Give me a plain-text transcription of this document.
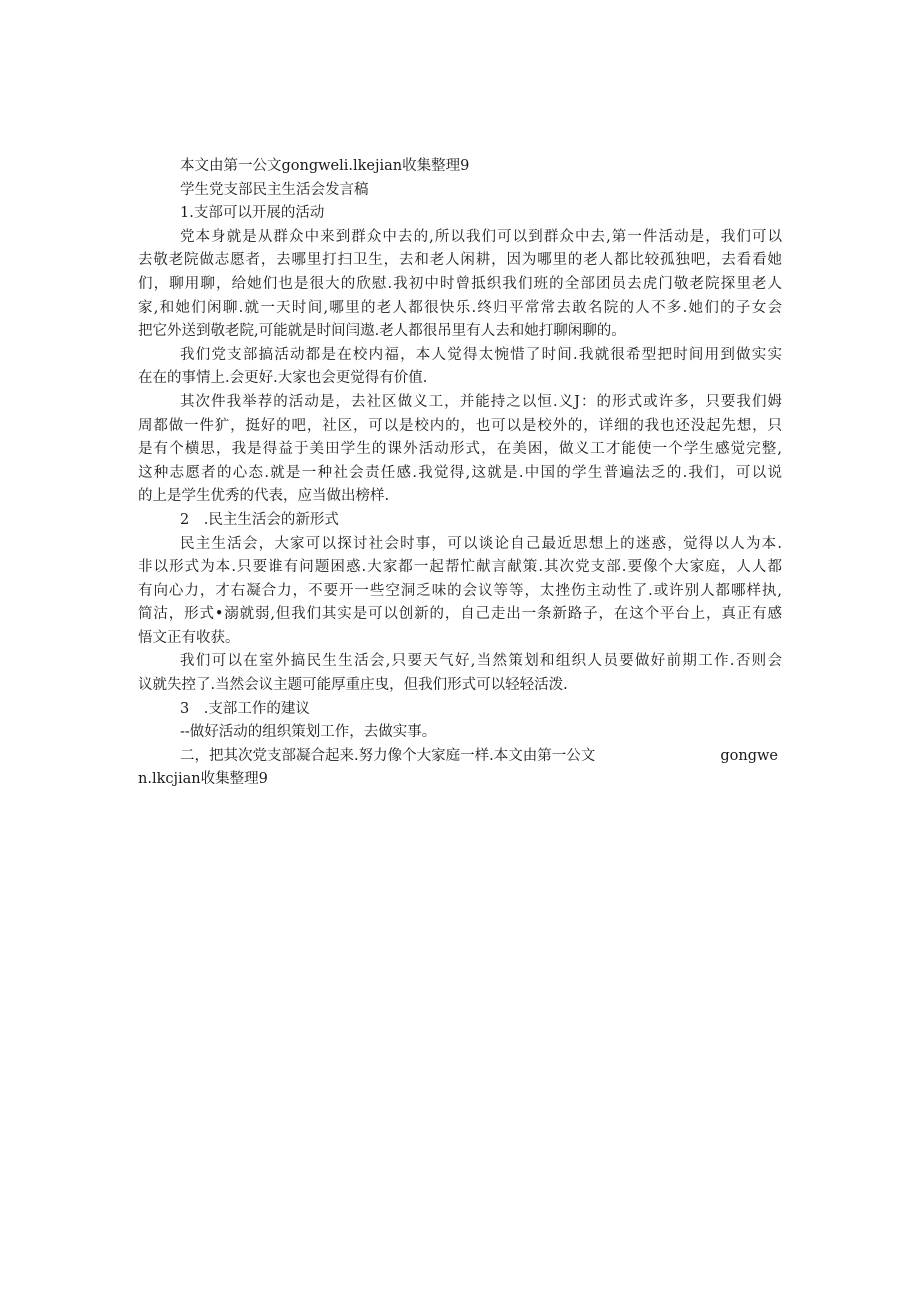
本文由第一公文gongweli.lkejian收集整理9
学生党支部民主生活会发言稿
1.支部可以开展的活动
党本身就是从群众中来到群众中去的,所以我们可以到群众中去,第一件活动是，我们可以
去敬老院做志愿者，去哪里打扫卫生，去和老人闲耕，因为哪里的老人都比较孤独吧，去看看她
们，聊用聊，给她们也是很大的欣慰.我初中时曾抵织我们班的全部团员去虎门敬老院探里老人
家,和她们闲聊.就一天时间,哪里的老人都很快乐.终归平常常去敢名院的人不多.她们的子女会
把它外送到敬老院,可能就是时间闫遨.老人都很吊里有人去和她打聊闲聊的。
我们党支部搞活动都是在校内福，本人觉得太惋惜了时间.我就很希型把时间用到做实实
在在的事情上.会更好.大家也会更觉得有价值.
其次件我举荐的活动是，去社区做义工，并能持之以恒.义J：的形式或许多，只要我们姆
周都做一件犷，挺好的吧，社区，可以是校内的，也可以是校外的，详细的我也还没起先想，只
是有个横思，我是得益于美田学生的课外活动形式，在美困，做义工才能使一个学生感觉完整,
这种志愿者的心态.就是一种社会责任感.我觉得,这就是.中国的学生普遍法乏的.我们，可以说
的上是学生优秀的代表，应当做出榜样.
2　.民主生活会的新形式
民主生活会，大家可以探讨社会时事，可以谈论自己最近思想上的迷惑，觉得以人为本.
非以形式为本.只要谁有问题困惑.大家都一起帮忙献言献策.其次党支部.要像个大家庭，人人都
有向心力，才右凝合力，不要开一些空洞乏味的会议等等，太挫伤主动性了.或许别人都哪样执,
简沽，形式•溺就弱,但我们其实是可以创新的，自己走出一条新路子，在这个平台上，真正有感
悟文正有收获。
我们可以在室外搞民生生活会,只要天气好,当然策划和组织人员要做好前期工作.否则会
议就失控了.当然会议主题可能厚重庄曳，但我们形式可以轻轻活泼.
3　.支部工作的建议
--做好活动的组织策划工作，去做实事。
二，把其次党支部凝合起来.努力像个大家庭一样.本文由第一公文	gongwe
n.lkcjian收集整理9
